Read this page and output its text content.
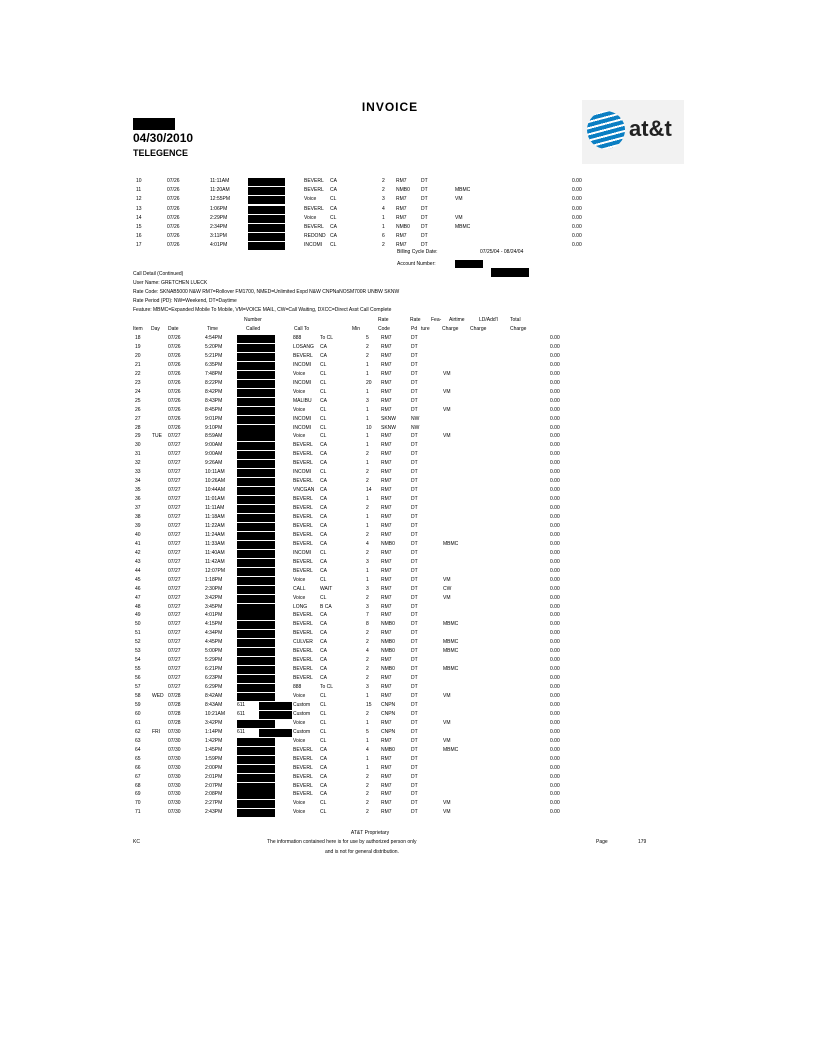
INVOICE
04/30/2010
TELEGENCE
at&t
10	07/26	11:11AM	BEVERL CA	2 RM7	DT	0.00
11	07/26	11:20AM	BEVERL CA	2 NMB0 DT	MBMC	0.00
12	07/26	12:55PM	Voice	CL	3 RM7	DT	VM	0.00
13	07/26	1:06PM	BEVERL CA	4 RM7	DT	0.00
14	07/26	2:29PM	Voice	CL	1 RM7	DT	VM	0.00
15	07/26	2:34PM	BEVERL CA	1 NMB0 DT	MBMC	0.00
16	07/26	3:11PM	REDOND CA	6 RM7	DT	0.00
17	07/26	4:01PM	INCOMI CL	2 RM7	DT	0.00
Billing Cycle Date:	07/25/04 - 08/24/04
Account Number:
Call Detail (Continued)
User Name: GRETCHEN LUECK
Rate Code: SKNAB5000 N&W RM7=Rollover FM1700, NMED=Unlimited Expd N&W CNPNaNOSM700R UNBW SKNW
Rate Period (PD): NW=Weekend, DT=Daytime
Feature: MBMC=Expanded Mobile To Mobile, VM=VOICE MAIL, CW=Call Waiting, DXCC=Direct Asst Call Complete
Number	Rate	Rate Fea- Airtime	LD/Add'l Total
Item Day Date	Time	Called	Call To	Min	Code	Pd ture Charge Charge	Charge
18	07/26	4:54PM	888	To CL	5 RM7	DT	0.00
19	07/26	5:20PM	LOSANG CA	2 RM7	DT	0.00
20	07/26	5:21PM	BEVERL CA	2 RM7	DT	0.00
21	07/26	6:35PM	INCOMI CL	1 RM7	DT	0.00
22	07/26	7:48PM	Voice	CL	1 RM7	DT	VM	0.00
23	07/26	8:22PM	INCOMI CL	20 RM7	DT	0.00
24	07/26	8:42PM	Voice	CL	1 RM7	DT	VM	0.00
25	07/26	8:43PM	MALIBU CA	3 RM7	DT	0.00
26	07/26	8:45PM	Voice	CL	1 RM7	DT	VM	0.00
27	07/26	9:01PM	INCOMI CL	1 SKNW	NW	0.00
28	07/26	9:10PM	INCOMI CL	10 SKNW	NW	0.00
29 TUE 07/27	8:59AM	Voice	CL	1 RM7	DT	VM	0.00
30	07/27	9:00AM	BEVERL CA	1 RM7	DT	0.00
31	07/27	9:00AM	BEVERL CA	2 RM7	DT	0.00
32	07/27	9:26AM	BEVERL CA	1 RM7	DT	0.00
33	07/27	10:11AM	INCOMI CL	2 RM7	DT	0.00
34	07/27	10:26AM	BEVERL CA	2 RM7	DT	0.00
35	07/27	10:44AM	VNCGAN CA	14 RM7	DT	0.00
36	07/27	11:01AM	BEVERL CA	1 RM7	DT	0.00
37	07/27	11:11AM	BEVERL CA	2 RM7	DT	0.00
38	07/27	11:18AM	BEVERL CA	1 RM7	DT	0.00
39	07/27	11:22AM	BEVERL CA	1 RM7	DT	0.00
40	07/27	11:24AM	BEVERL CA	2 RM7	DT	0.00
41	07/27	11:33AM	BEVERL CA	4 NMB0	DT	MBMC	0.00
42	07/27	11:40AM	INCOMI CL	2 RM7	DT	0.00
43	07/27	11:42AM	BEVERL CA	3 RM7	DT	0.00
44	07/27	12:07PM	BEVERL CA	1 RM7	DT	0.00
45	07/27	1:18PM	Voice	CL	1 RM7	DT	VM	0.00
46	07/27	2:30PM	CALL	WAIT	3 RM7	DT	CW	0.00
47	07/27	3:42PM	Voice	CL	2 RM7	DT	VM	0.00
48	07/27	3:45PM	LONG	B CA	3 RM7	DT	0.00
49	07/27	4:01PM	BEVERL CA	7 RM7	DT	0.00
50	07/27	4:15PM	BEVERL CA	8 NMB0	DT	MBMC	0.00
51	07/27	4:34PM	BEVERL CA	2 RM7	DT	0.00
52	07/27	4:45PM	CULVER CA	2 NMB0	DT	MBMC	0.00
53	07/27	5:00PM	BEVERL CA	4 NMB0	DT	MBMC	0.00
54	07/27	5:29PM	BEVERL CA	2 RM7	DT	0.00
55	07/27	6:21PM	BEVERL CA	2 NMB0	DT	MBMC	0.00
56	07/27	6:23PM	BEVERL CA	2 RM7	DT	0.00
57	07/27	6:29PM	888	To CL	3 RM7	DT	0.00
58 WED 07/28	8:42AM	Voice	CL	1 RM7	DT	VM	0.00
59	07/28	8:43AM	611	Custom CL	15 CNPN	DT	0.00
60	07/28	10:21AM 611	Custom CL	2 CNPN	DT	0.00
61	07/28	3:42PM	Voice	CL	1 RM7	DT	VM	0.00
62 FRI 07/30	1:14PM	611	Custom CL	5 CNPN	DT	0.00
63	07/30	1:42PM	Voice	CL	1 RM7	DT	VM	0.00
64	07/30	1:45PM	BEVERL CA	4 NMB0	DT	MBMC	0.00
65	07/30	1:59PM	BEVERL CA	1 RM7	DT	0.00
66	07/30	2:00PM	BEVERL CA	1 RM7	DT	0.00
67	07/30	2:01PM	BEVERL CA	2 RM7	DT	0.00
68	07/30	2:07PM	BEVERL CA	2 RM7	DT	0.00
69	07/30	2:08PM	BEVERL CA	2 RM7	DT	0.00
70	07/30	2:27PM	Voice	CL	2 RM7	DT	VM	0.00
71	07/30	2:43PM	Voice	CL	2 RM7	DT	VM	0.00
AT&T Proprietary
The information contained here is for use by authorized person only
and is not for general distribution.
KC	Page	179
